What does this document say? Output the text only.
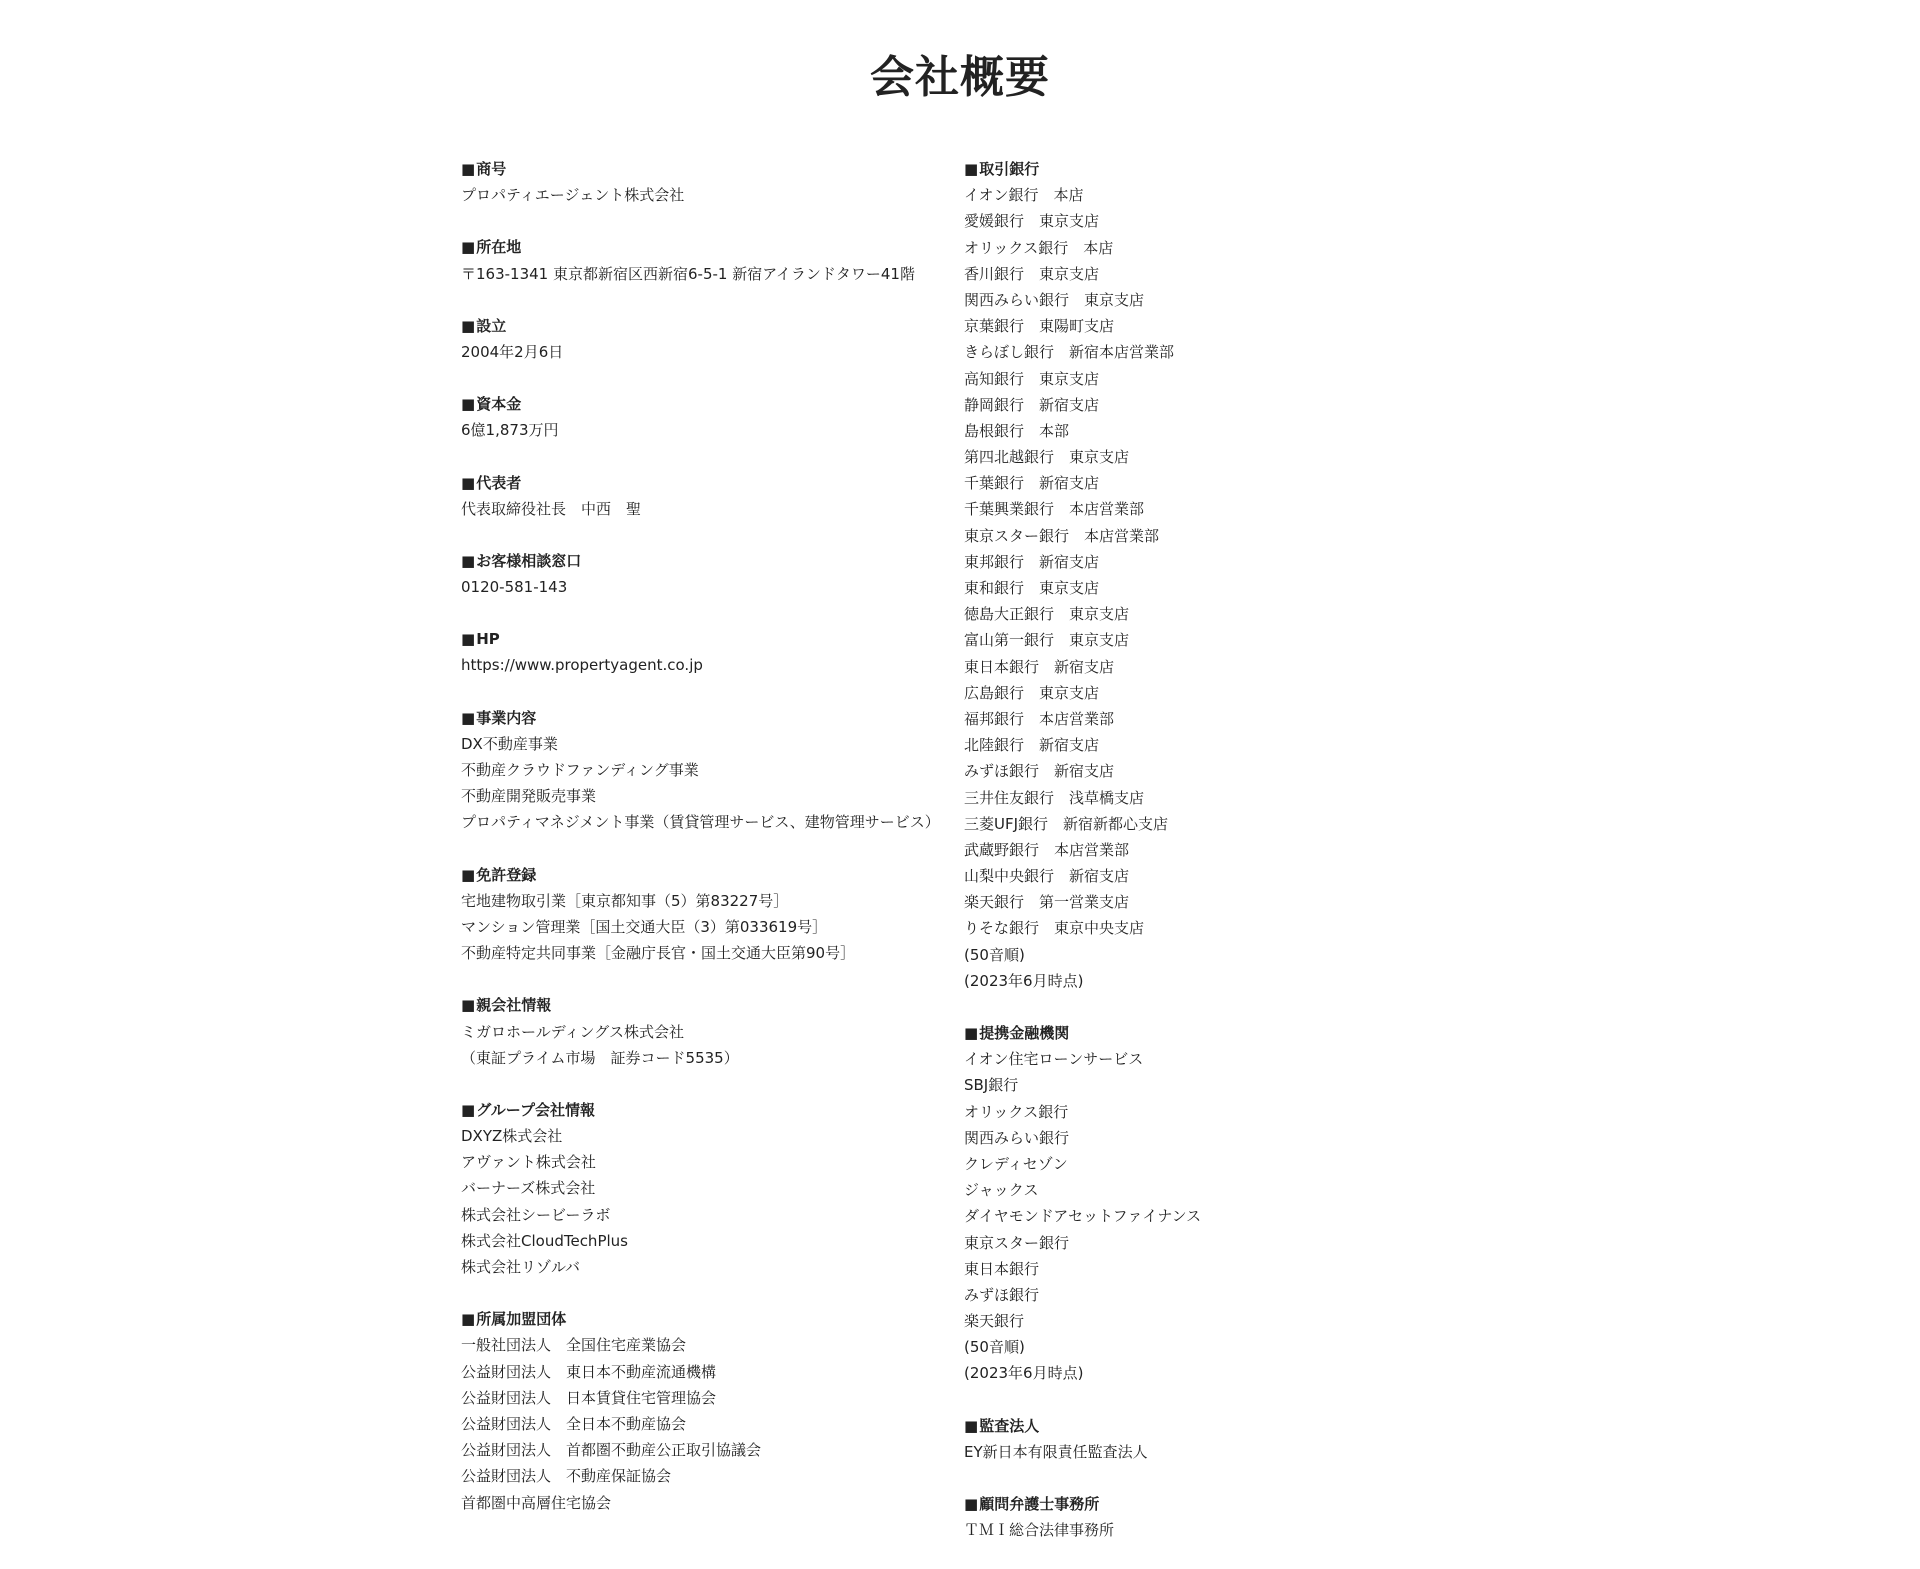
会社概要
■ 商号
プロパティエージェント株式会社
■ 所在地
〒163-1341 東京都新宿区西新宿6-5-1 新宿アイランドタワー41階
■ 設立
2004年2月6日
■ 資本金
6億1,873万円
■ 代表者
代表取締役社長　中西　聖
■ お客様相談窓口
0120-581-143
■ HP
https://www.propertyagent.co.jp
■ 事業内容
DX不動産事業
不動産クラウドファンディング事業
不動産開発販売事業
プロパティマネジメント事業（賃貸管理サービス、建物管理サービス）
■ 免許登録
宅地建物取引業［東京都知事（5）第83227号］
マンション管理業［国土交通大臣（3）第033619号］
不動産特定共同事業［金融庁長官・国土交通大臣第90号］
■ 親会社情報
ミガロホールディングス株式会社
（東証プライム市場　証券コード5535）
■ グループ会社情報
DXYZ株式会社
アヴァント株式会社
バーナーズ株式会社
株式会社シービーラボ
株式会社CloudTechPlus
株式会社リゾルバ
■ 所属加盟団体
一般社団法人　全国住宅産業協会
公益財団法人　東日本不動産流通機構
公益財団法人　日本賃貸住宅管理協会
公益財団法人　全日本不動産協会
公益財団法人　首都圏不動産公正取引協議会
公益財団法人　不動産保証協会
首都圏中高層住宅協会
■ 取引銀行
イオン銀行　本店
愛媛銀行　東京支店
オリックス銀行　本店
香川銀行　東京支店
関西みらい銀行　東京支店
京葉銀行　東陽町支店
きらぼし銀行　新宿本店営業部
高知銀行　東京支店
静岡銀行　新宿支店
島根銀行　本部
第四北越銀行　東京支店
千葉銀行　新宿支店
千葉興業銀行　本店営業部
東京スター銀行　本店営業部
東邦銀行　新宿支店
東和銀行　東京支店
徳島大正銀行　東京支店
富山第一銀行　東京支店
東日本銀行　新宿支店
広島銀行　東京支店
福邦銀行　本店営業部
北陸銀行　新宿支店
みずほ銀行　新宿支店
三井住友銀行　浅草橋支店
三菱UFJ銀行　新宿新都心支店
武蔵野銀行　本店営業部
山梨中央銀行　新宿支店
楽天銀行　第一営業支店
りそな銀行　東京中央支店
(50音順)
(2023年6月時点)
■ 提携金融機関
イオン住宅ローンサービス
SBJ銀行
オリックス銀行
関西みらい銀行
クレディセゾン
ジャックス
ダイヤモンドアセットファイナンス
東京スター銀行
東日本銀行
みずほ銀行
楽天銀行
(50音順)
(2023年6月時点)
■ 監査法人
EY新日本有限責任監査法人
■ 顧問弁護士事務所
ＴＭＩ総合法律事務所
